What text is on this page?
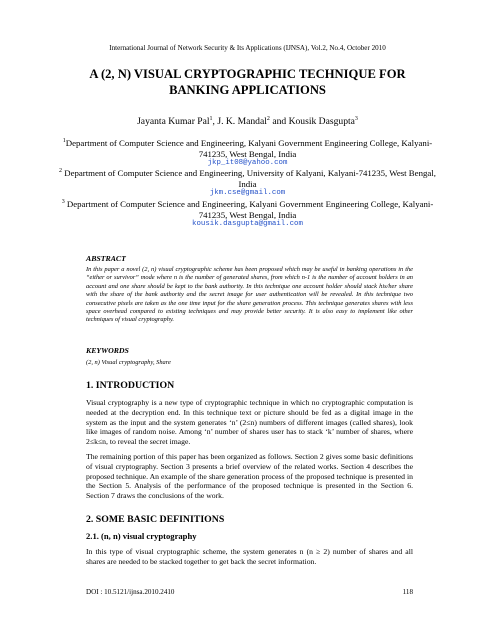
International Journal of Network Security & Its Applications (IJNSA), Vol.2, No.4, October 2010
A (2, N) VISUAL CRYPTOGRAPHIC TECHNIQUE FOR
BANKING APPLICATIONS
Jayanta Kumar Pal$^1$, J. K. Mandal$^2$ and Kousik Dasgupta$^3$
$^1$Department of Computer Science and Engineering, Kalyani Government Engineering College, Kalyani-741235, West Bengal, India
jkp_it08@yahoo.com
$^2$ Department of Computer Science and Engineering, University of Kalyani, Kalyani-741235, West Bengal, India
jkm.cse@gmail.com
$^3$ Department of Computer Science and Engineering, Kalyani Government Engineering College, Kalyani-741235, West Bengal, India
kousik.dasgupta@gmail.com
ABSTRACT
In this paper a novel (2, n) visual cryptographic scheme has been proposed which may be useful in banking operations in the “either or survivor” mode where n is the number of generated shares, from which n-1 is the number of account holders in an account and one share should be kept to the bank authority. In this technique one account holder should stack his/her share with the share of the bank authority and the secret image for user authentication will be revealed. In this technique two consecutive pixels are taken as the one time input for the share generation process. This technique generates shares with less space overhead compared to existing techniques and may provide better security. It is also easy to implement like other techniques of visual cryptography.
KEYWORDS
(2, n) Visual cryptography, Share
1. INTRODUCTION
Visual cryptography is a new type of cryptographic technique in which no cryptographic computation is needed at the decryption end. In this technique text or picture should be fed as a digital image in the system as the input and the system generates ‘n’ (2≤n) numbers of different images (called shares), look like images of random noise. Among ‘n’ number of shares user has to stack ‘k’ number of shares, where 2≤k≤n, to reveal the secret image.
The remaining portion of this paper has been organized as follows. Section 2 gives some basic definitions of visual cryptography. Section 3 presents a brief overview of the related works. Section 4 describes the proposed technique. An example of the share generation process of the proposed technique is presented in the Section 5. Analysis of the performance of the proposed technique is presented in the Section 6. Section 7 draws the conclusions of the work.
2. SOME BASIC DEFINITIONS
2.1. (n, n) visual cryptography
In this type of visual cryptographic scheme, the system generates n (n ≥ 2) number of shares and all shares are needed to be stacked together to get back the secret information.
DOI : 10.5121/ijnsa.2010.2410	118
